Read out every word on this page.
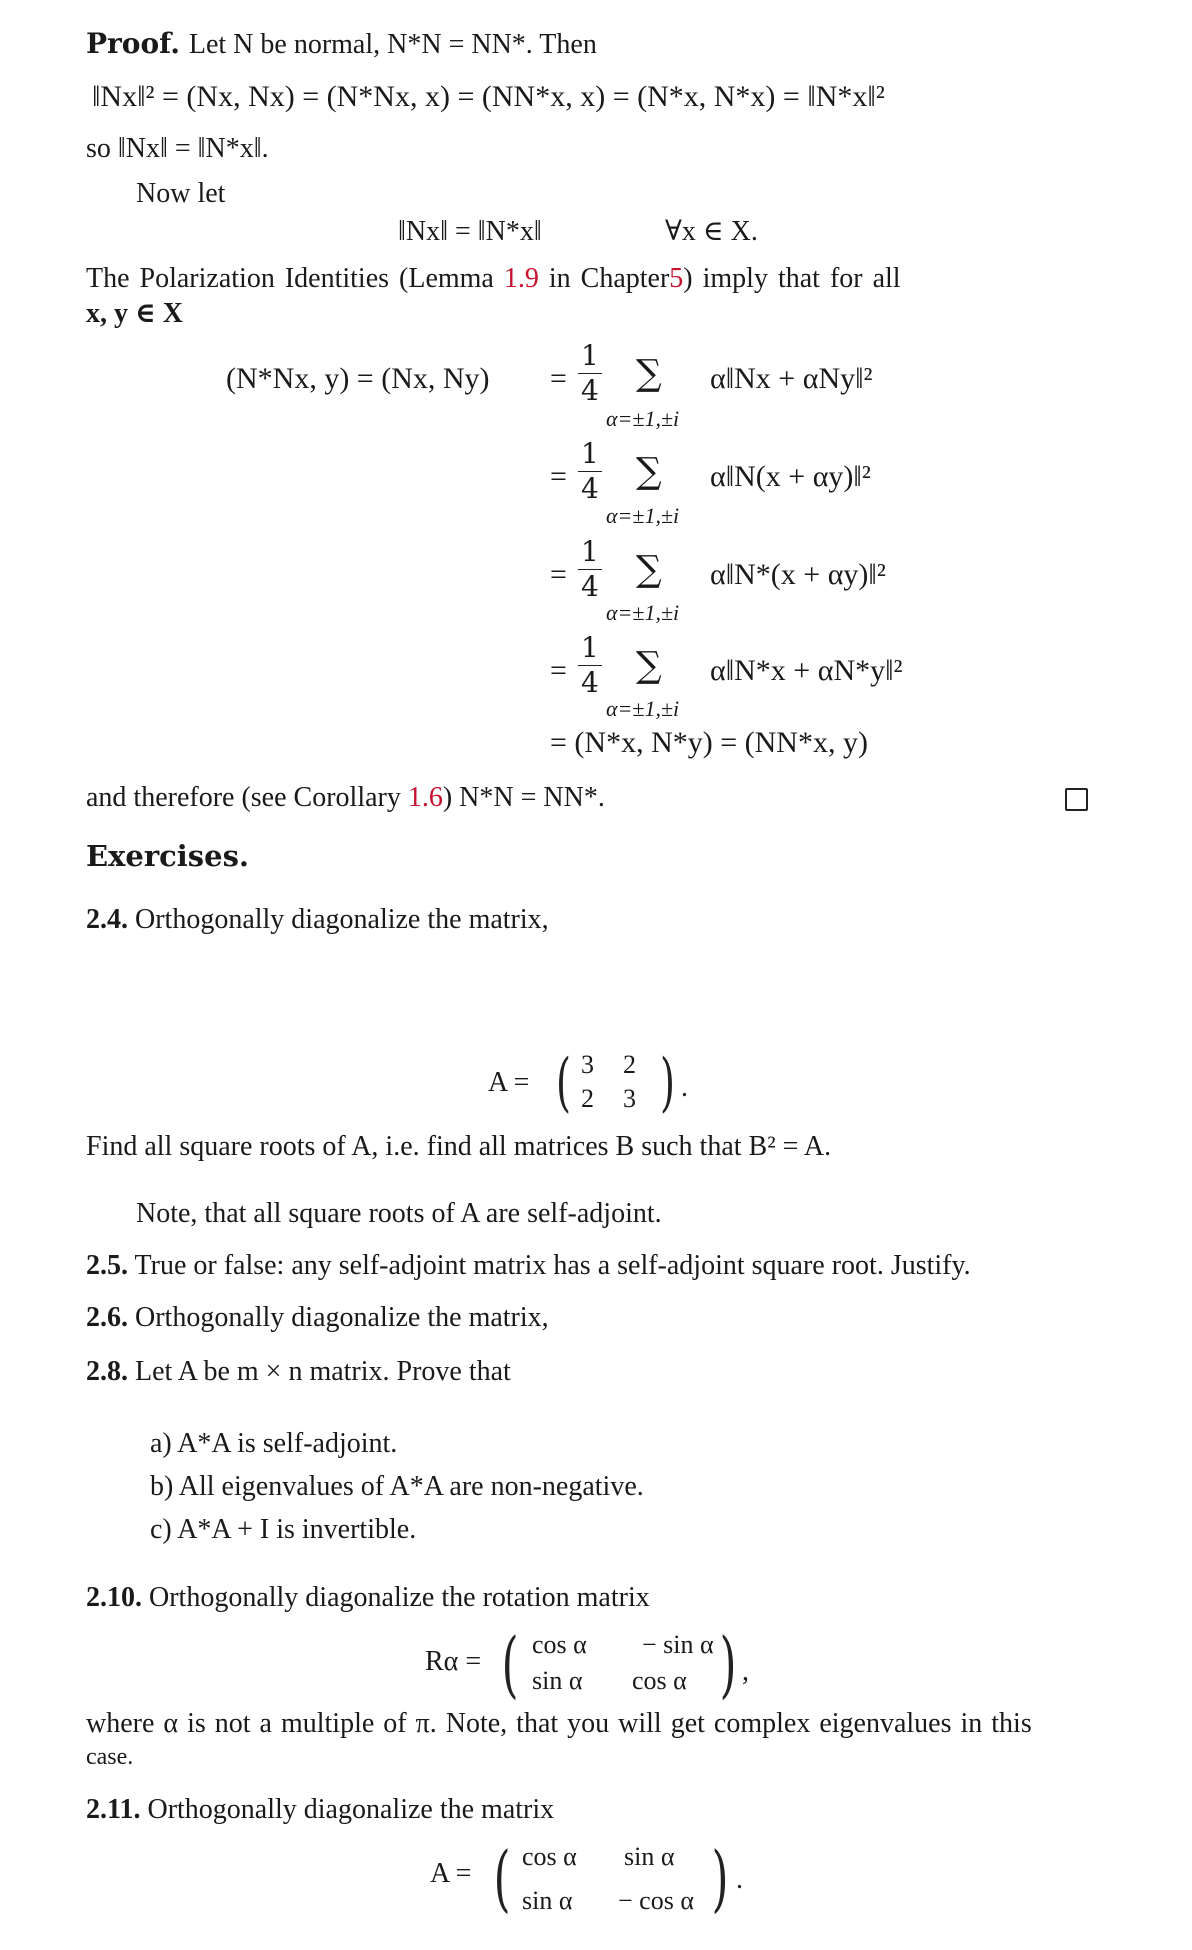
Proof. Let N be normal, N*N = NN*. Then
‖Nx‖² = (Nx, Nx) = (N*Nx, x) = (NN*x, x) = (N*x, N*x) = ‖N*x‖²
so ‖Nx‖ = ‖N*x‖.
Now let
‖Nx‖ = ‖N*x‖	∀x ∈ X.
The Polarization Identities (Lemma 1.9 in Chapter5) imply that for all
x, y ∈ X
(N*Nx, y) = (Nx, $Ny) = \frac{1}{4}$ ∑
α=±1,±i
α‖Nx + αNy‖²
= $\frac{1}{4}$ ∑
α=±1,±i
α‖N(x + αy)‖²
= $\frac{1}{4}$ ∑
α=±1,±i
α‖N*(x + αy)‖²
= $\frac{1}{4}$ ∑
α=±1,±i
α‖N*x + αN*y‖²
= (N*x, N*y) = (NN*x, y)
and therefore (see Corollary 1.6) N*N = NN*.
Exercises.
2.4. Orthogonally diagonalize the matrix,
A = ( 3 2
2 3 ) .
Find all square roots of A, i.e. find all matrices B such that B² = A.
Note, that all square roots of A are self-adjoint.
2.5. True or false: any self-adjoint matrix has a self-adjoint square root. Justify.
2.6. Orthogonally diagonalize the matrix,
2.8. Let A be m × n matrix. Prove that
a) A*A is self-adjoint.
b) All eigenvalues of A*A are non-negative.
c) A*A + I is invertible.
2.10. Orthogonally diagonalize the rotation matrix
Rα = ( cos α − sin α
sin α cos α ) ,
where α is not a multiple of π. Note, that you will get complex eigenvalues in this
case.
2.11. Orthogonally diagonalize the matrix
A = ( cos α sin α
sin α − cos α ) .
